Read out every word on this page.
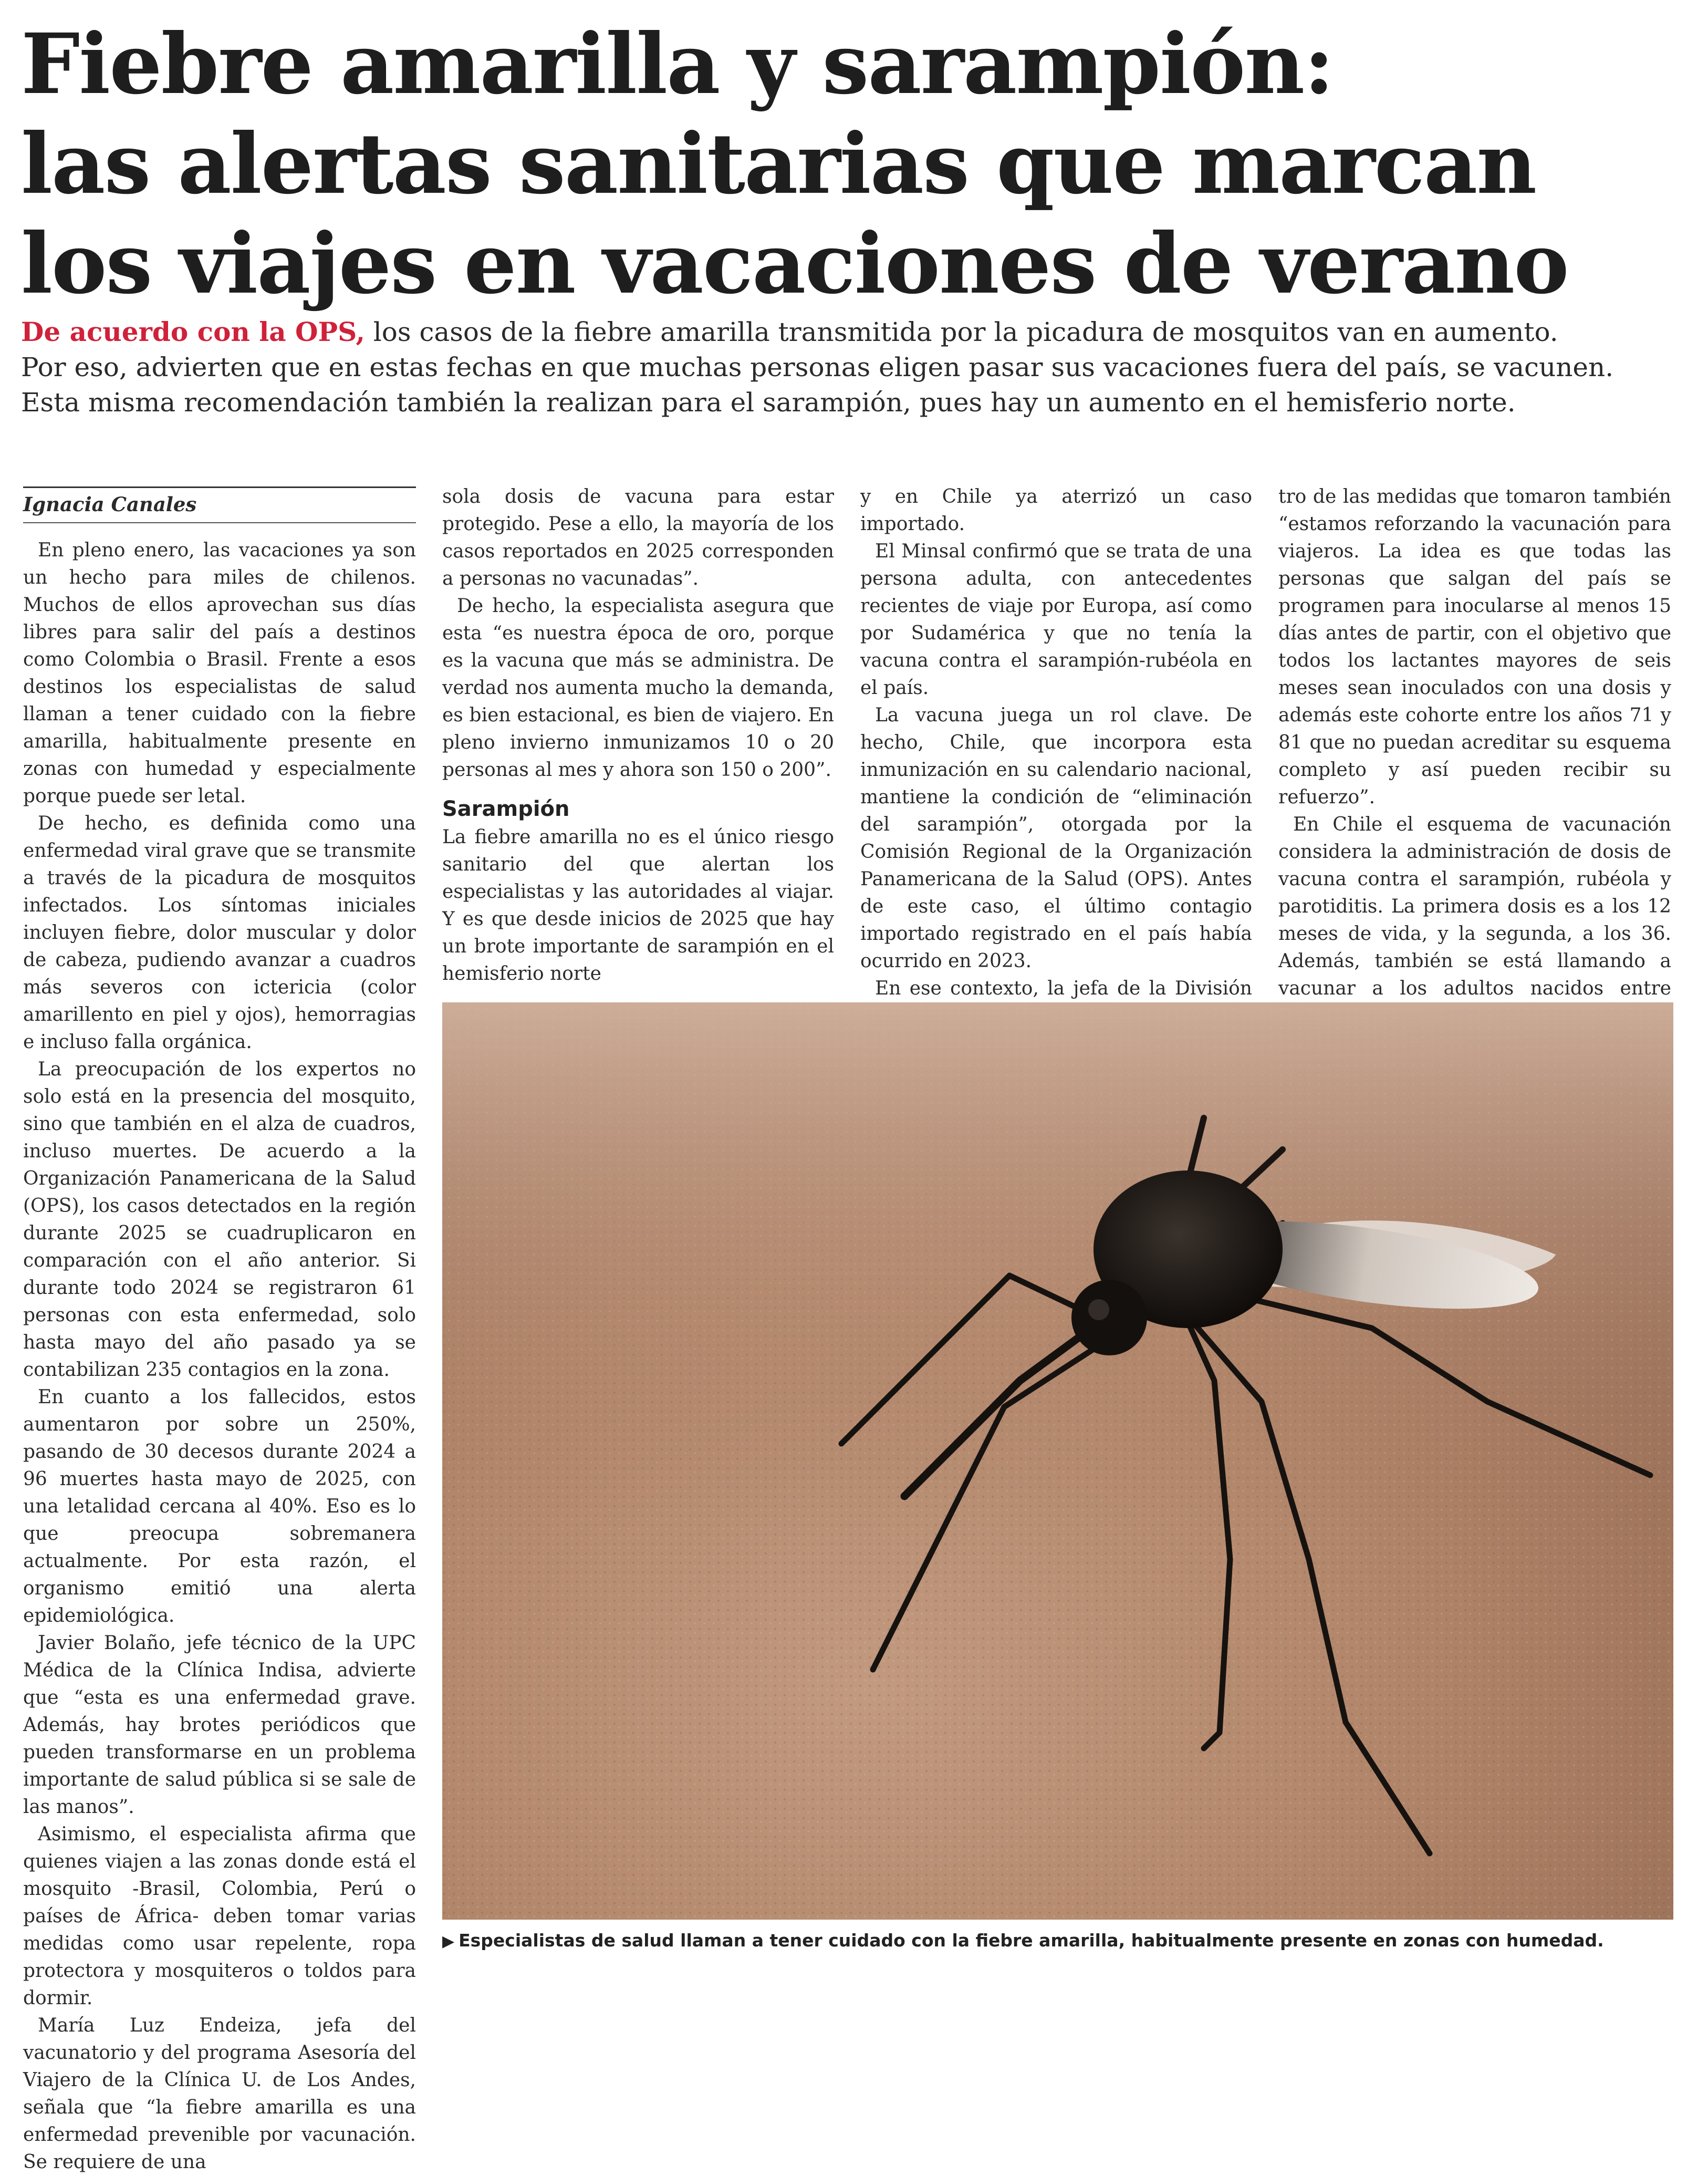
Fiebre amarilla y sarampión:
las alertas sanitarias que marcan
los viajes en vacaciones de verano

De acuerdo con la OPS, los casos de la fiebre amarilla transmitida por la picadura de mosquitos van en aumento.
Por eso, advierten que en estas fechas en que muchas personas eligen pasar sus vacaciones fuera del país, se vacunen.
Esta misma recomendación también la realizan para el sarampión, pues hay un aumento en el hemisferio norte.

Ignacia Canales

En pleno enero, las vacaciones ya son un hecho para miles de chilenos. Muchos de ellos aprovechan sus días libres para salir del país a destinos como Colombia o Brasil. Frente a esos destinos los especialistas de salud llaman a tener cuidado con la fiebre amarilla, habitualmente presente en zonas con humedad y especialmente porque puede ser letal.

De hecho, es definida como una enfermedad viral grave que se transmite a través de la picadura de mosquitos infectados. Los síntomas iniciales incluyen fiebre, dolor muscular y dolor de cabeza, pudiendo avanzar a cuadros más severos con ictericia (color amarillento en piel y ojos), hemorragias e incluso falla orgánica.

La preocupación de los expertos no solo está en la presencia del mosquito, sino que también en el alza de cuadros, incluso muertes. De acuerdo a la Organización Panamericana de la Salud (OPS), los casos detectados en la región durante 2025 se cuadruplicaron en comparación con el año anterior. Si durante todo 2024 se registraron 61 personas con esta enfermedad, solo hasta mayo del año pasado ya se contabilizan 235 contagios en la zona.

En cuanto a los fallecidos, estos aumentaron por sobre un 250%, pasando de 30 decesos durante 2024 a 96 muertes hasta mayo de 2025, con una letalidad cercana al 40%. Eso es lo que preocupa sobremanera actualmente. Por esta razón, el organismo emitió una alerta epidemiológica.

Javier Bolaño, jefe técnico de la UPC Médica de la Clínica Indisa, advierte que “esta es una enfermedad grave. Además, hay brotes periódicos que pueden transformarse en un problema importante de salud pública si se sale de las manos”.

Asimismo, el especialista afirma que quienes viajen a las zonas donde está el mosquito -Brasil, Colombia, Perú o países de África- deben tomar varias medidas como usar repelente, ropa protectora y mosquiteros o toldos para dormir.

María Luz Endeiza, jefa del vacunatorio y del programa Asesoría del Viajero de la Clínica U. de Los Andes, señala que “la fiebre amarilla es una enfermedad prevenible por vacunación. Se requiere de una

sola dosis de vacuna para estar protegido. Pese a ello, la mayoría de los casos reportados en 2025 corresponden a personas no vacunadas”.

De hecho, la especialista asegura que esta “es nuestra época de oro, porque es la vacuna que más se administra. De verdad nos aumenta mucho la demanda, es bien estacional, es bien de viajero. En pleno invierno inmunizamos 10 o 20 personas al mes y ahora son 150 o 200”.

Sarampión

La fiebre amarilla no es el único riesgo sanitario del que alertan los especialistas y las autoridades al viajar. Y es que desde inicios de 2025 que hay un brote importante de sarampión en el hemisferio norte

y en Chile ya aterrizó un caso importado.

El Minsal confirmó que se trata de una persona adulta, con antecedentes recientes de viaje por Europa, así como por Sudamérica y que no tenía la vacuna contra el sarampión-rubéola en el país.

La vacuna juega un rol clave. De hecho, Chile, que incorpora esta inmunización en su calendario nacional, mantiene la condición de “eliminación del sarampión”, otorgada por la Comisión Regional de la Organización Panamericana de la Salud (OPS). Antes de este caso, el último contagio importado registrado en el país había ocurrido en 2023.

En ese contexto, la jefa de la División

tro de las medidas que tomaron también “estamos reforzando la vacunación para viajeros. La idea es que todas las personas que salgan del país se programen para inocularse al menos 15 días antes de partir, con el objetivo que todos los lactantes mayores de seis meses sean inoculados con una dosis y además este cohorte entre los años 71 y 81 que no puedan acreditar su esquema completo y así pueden recibir su refuerzo”.

En Chile el esquema de vacunación considera la administración de dosis de vacuna contra el sarampión, rubéola y parotiditis. La primera dosis es a los 12 meses de vida, y la segunda, a los 36. Además, también se está llamando a vacunar a los adultos nacidos entre

▶ Especialistas de salud llaman a tener cuidado con la fiebre amarilla, habitualmente presente en zonas con humedad.
